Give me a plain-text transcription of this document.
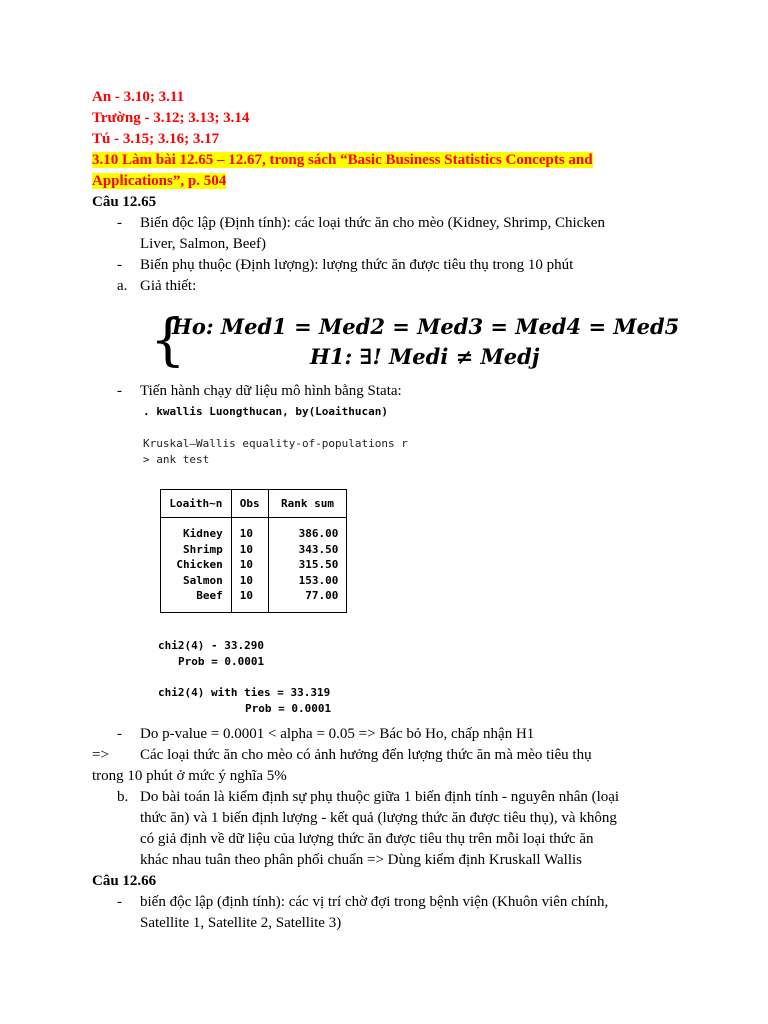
An - 3.10; 3.11
Trường - 3.12; 3.13; 3.14
Tú - 3.15; 3.16; 3.17
3.10 Làm bài 12.65 – 12.67, trong sách “Basic Business Statistics Concepts and
Applications”, p. 504
Câu 12.65
- Biến độc lập (Định tính): các loại thức ăn cho mèo (Kidney, Shrimp, Chicken
Liver, Salmon, Beef)
- Biến phụ thuộc (Định lượng): lượng thức ăn được tiêu thụ trong 10 phút
a. Giả thiết:
{
Ho: Med1 = Med2 = Med3 = Med4 = Med5
H1: ∃! Medi ≠ Medj
- Tiến hành chạy dữ liệu mô hình bằng Stata:
. kwallis Luongthucan, by(Loaithucan)
Kruskal–Wallis equality-of-populations r
> ank test
Loaith~n	Obs	Rank sum
Kidney	10	386.00
Shrimp	10	343.50
Chicken	10	315.50
Salmon	10	153.00
Beef	10	77.00
chi2(4) - 33.290
Prob = 0.0001
chi2(4) with ties = 33.319
Prob = 0.0001
- Do p-value = 0.0001 < alpha = 0.05 => Bác bỏ Ho, chấp nhận H1
=> Các loại thức ăn cho mèo có ảnh hưởng đến lượng thức ăn mà mèo tiêu thụ
trong 10 phút ở mức ý nghĩa 5%
b. Do bài toán là kiểm định sự phụ thuộc giữa 1 biến định tính - nguyên nhân (loại
thức ăn) và 1 biến định lượng - kết quả (lượng thức ăn được tiêu thụ), và không
có giả định về dữ liệu của lượng thức ăn được tiêu thụ trên mỗi loại thức ăn
khác nhau tuân theo phân phối chuẩn => Dùng kiểm định Kruskall Wallis
Câu 12.66
- biến độc lập (định tính): các vị trí chờ đợi trong bệnh viện (Khuôn viên chính,
Satellite 1, Satellite 2, Satellite 3)
